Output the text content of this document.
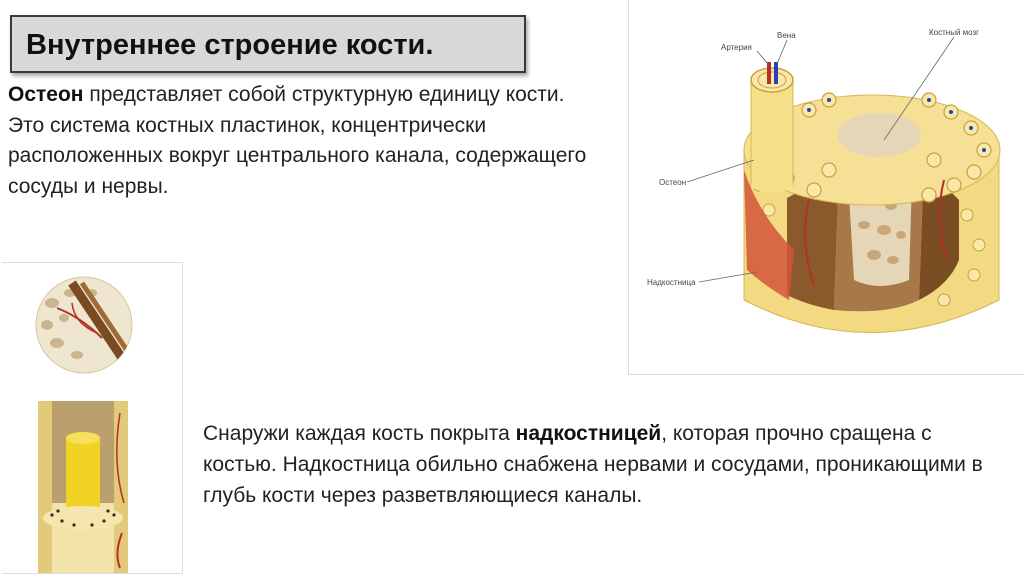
Внутреннее строение кости.

Остеон представляет собой структурную единицу кости.

Это система костных пластинок, концентрически расположенных вокруг центрального канала, содержащего сосуды и нервы.

Артерия
Вена	Костный мозг
Остеон
Надкостница
Снаружи каждая кость покрыта надкостницей, которая прочно сращена с костью. Надкостница обильно снабжена нервами и сосудами, проникающими в глубь кости через разветвляющиеся каналы.
